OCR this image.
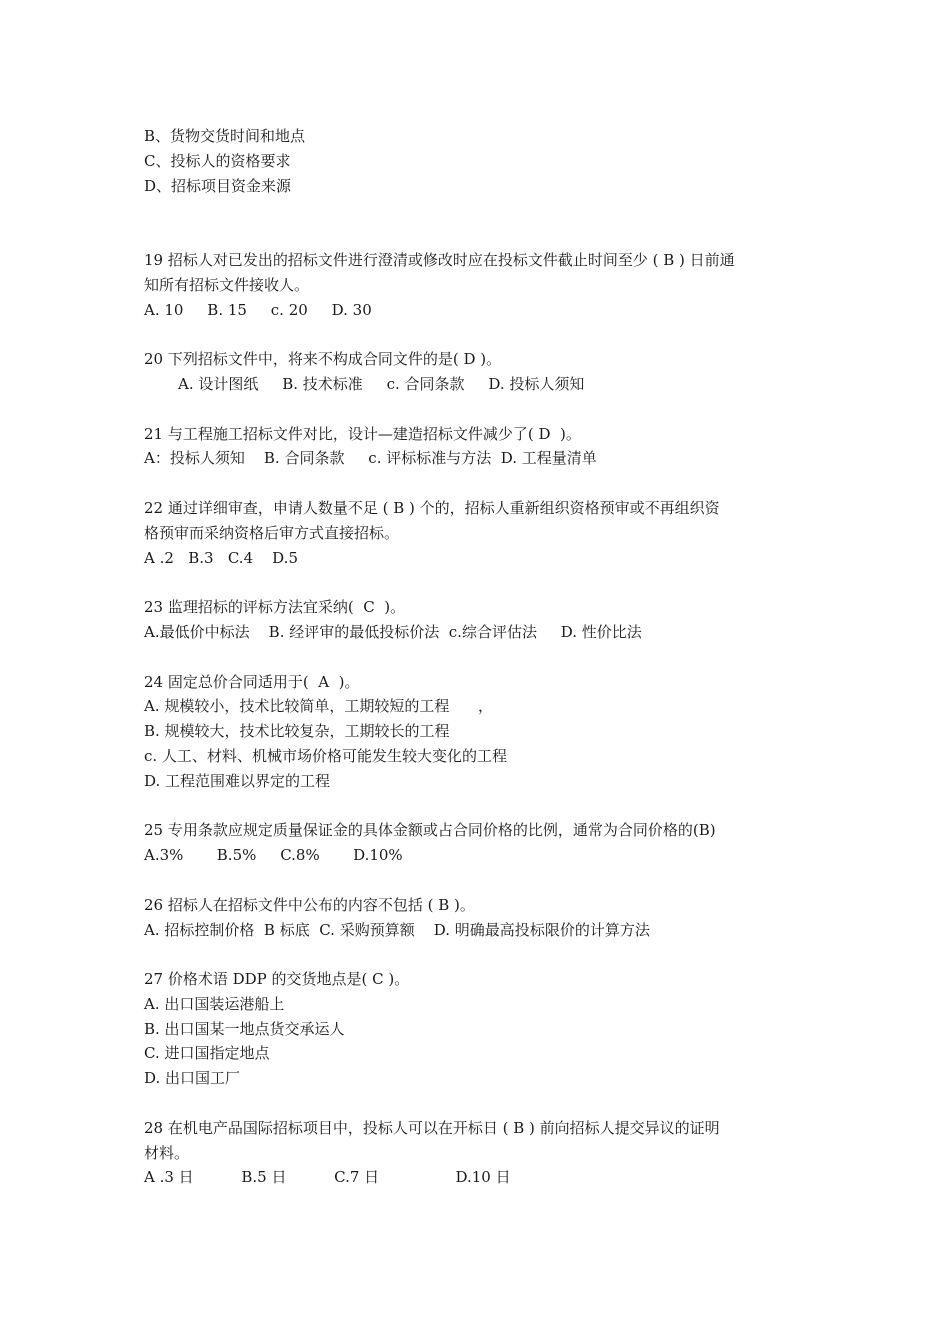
B、货物交货时间和地点
C、投标人的资格要求
D、招标项目资金来源
19 招标人对已发出的招标文件进行澄清或修改时应在投标文件截止时间至少 ( B ) 日前通
知所有招标文件接收人。
A. 10     B. 15     c. 20     D. 30
20 下列招标文件中，将来不构成合同文件的是( D )。
A. 设计图纸     B. 技术标准     c. 合同条款     D. 投标人须知
21 与工程施工招标文件对比，设计—建造招标文件减少了( D  )。
A：投标人须知    B. 合同条款     c. 评标标准与方法  D. 工程量清单
22 通过详细审查，申请人数量不足 ( B ) 个的，招标人重新组织资格预审或不再组织资
格预审而采纳资格后审方式直接招标。
A .2   B.3   C.4    D.5
23 监理招标的评标方法宜采纳(  C  )。
A.最低价中标法    B. 经评审的最低投标价法  c.综合评估法     D. 性价比法
24 固定总价合同适用于(  A  )。
A. 规模较小，技术比较简单，工期较短的工程      ，
B. 规模较大，技术比较复杂，工期较长的工程
c. 人工、材料、机械市场价格可能发生较大变化的工程
D. 工程范围难以界定的工程
25 专用条款应规定质量保证金的具体金额或占合同价格的比例，通常为合同价格的(B)
A.3%       B.5%     C.8%       D.10%
26 招标人在招标文件中公布的内容不包括 ( B )。
A. 招标控制价格  B 标底  C. 采购预算额    D. 明确最高投标限价的计算方法
27 价格术语 DDP 的交货地点是( C )。
A. 出口国装运港船上
B. 出口国某一地点货交承运人
C. 进口国指定地点
D. 出口国工厂
28 在机电产品国际招标项目中，投标人可以在开标日 ( B ) 前向招标人提交异议的证明
材料。
A .3 日          B.5 日          C.7 日                D.10 日
